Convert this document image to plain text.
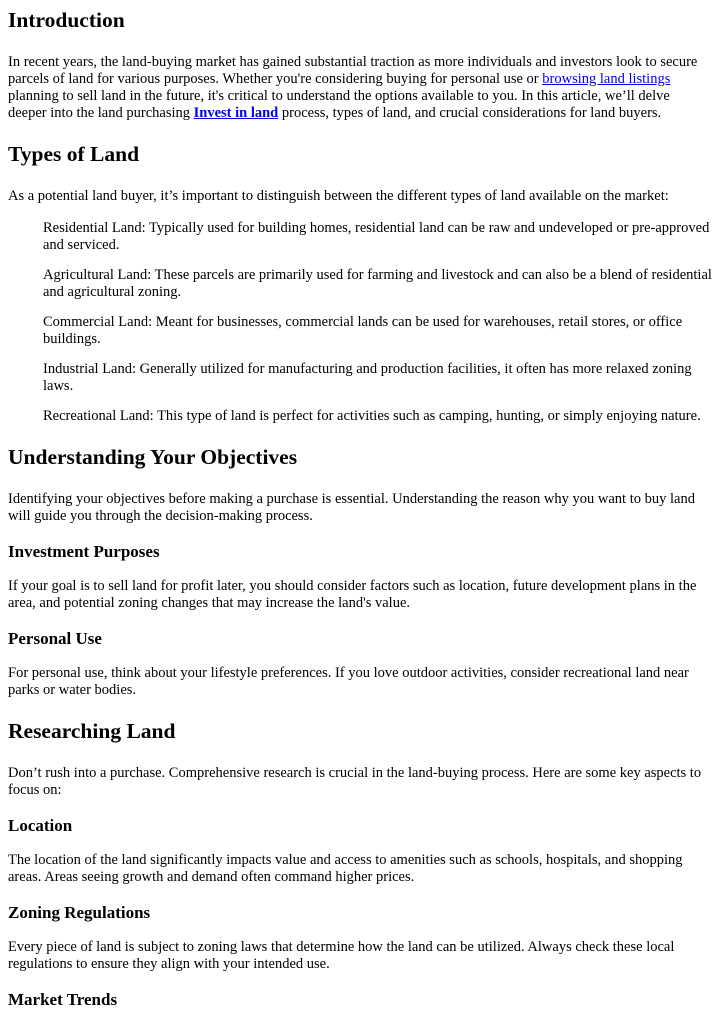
Introduction

In recent years, the land-buying market has gained substantial traction as more individuals and investors look to secure parcels of land for various purposes. Whether you're considering buying for personal use or browsing land listings planning to sell land in the future, it's critical to understand the options available to you. In this article, we’ll delve deeper into the land purchasing Invest in land process, types of land, and crucial considerations for land buyers.

Types of Land

As a potential land buyer, it’s important to distinguish between the different types of land available on the market:

Residential Land: Typically used for building homes, residential land can be raw and undeveloped or pre-approved and serviced.
Agricultural Land: These parcels are primarily used for farming and livestock and can also be a blend of residential and agricultural zoning.
Commercial Land: Meant for businesses, commercial lands can be used for warehouses, retail stores, or office buildings.
Industrial Land: Generally utilized for manufacturing and production facilities, it often has more relaxed zoning laws.
Recreational Land: This type of land is perfect for activities such as camping, hunting, or simply enjoying nature.
Understanding Your Objectives

Identifying your objectives before making a purchase is essential. Understanding the reason why you want to buy land will guide you through the decision-making process.

Investment Purposes

If your goal is to sell land for profit later, you should consider factors such as location, future development plans in the area, and potential zoning changes that may increase the land's value.

Personal Use

For personal use, think about your lifestyle preferences. If you love outdoor activities, consider recreational land near parks or water bodies.

Researching Land

Don’t rush into a purchase. Comprehensive research is crucial in the land-buying process. Here are some key aspects to focus on:

Location

The location of the land significantly impacts value and access to amenities such as schools, hospitals, and shopping areas. Areas seeing growth and demand often command higher prices.

Zoning Regulations

Every piece of land is subject to zoning laws that determine how the land can be utilized. Always check these local regulations to ensure they align with your intended use.

Market Trends
